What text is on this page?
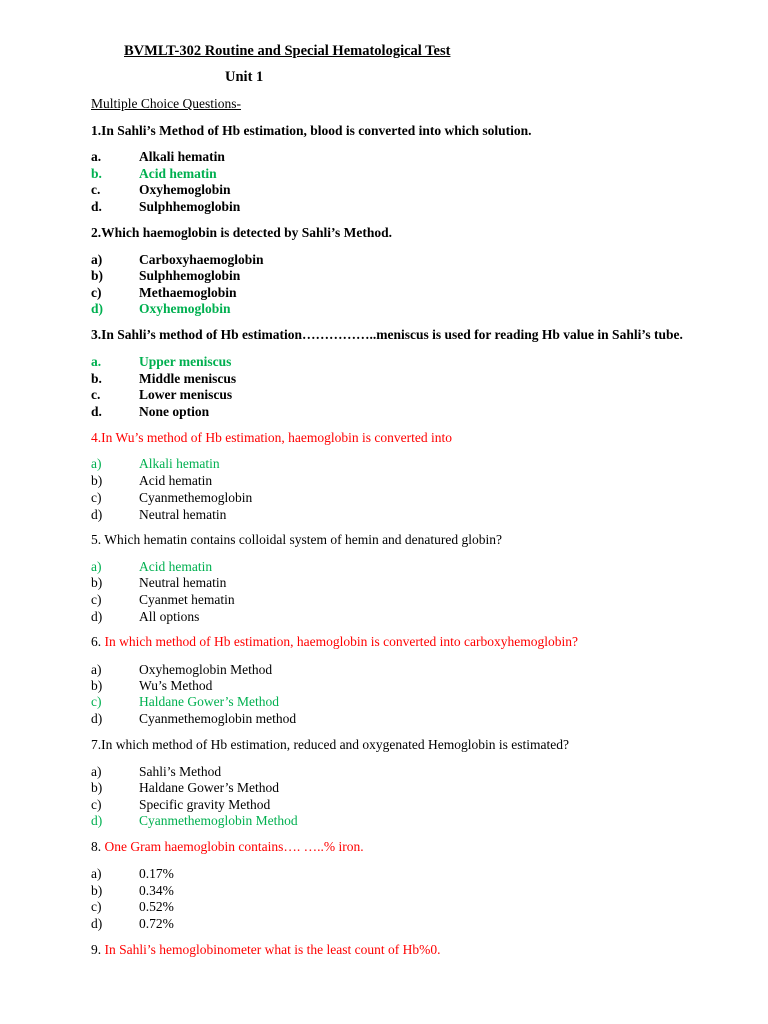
BVMLT-302 Routine and Special Hematological Test
Unit 1
Multiple Choice Questions-
1.In Sahli’s Method of Hb estimation, blood is converted into which solution.
a.	Alkali hematin
b.	Acid hematin
c.	Oxyhemoglobin
d.	Sulphhemoglobin
2.Which haemoglobin is detected by Sahli’s Method.
a)	Carboxyhaemoglobin
b)	Sulphhemoglobin
c)	Methaemoglobin
d)	Oxyhemoglobin
3.In Sahli’s method of Hb estimation……………..meniscus is used for reading Hb value in Sahli’s tube.
a.	Upper meniscus
b.	Middle meniscus
c.	Lower meniscus
d.	None option
4.In Wu’s method of Hb estimation, haemoglobin is converted into
a)	Alkali hematin
b)	Acid hematin
c)	Cyanmethemoglobin
d)	Neutral hematin
5. Which hematin contains colloidal system of hemin and denatured globin?
a)	Acid hematin
b)	Neutral hematin
c)	Cyanmet hematin
d)	All options
6. In which method of Hb estimation, haemoglobin is converted into carboxyhemoglobin?
a)	Oxyhemoglobin Method
b)	Wu’s Method
c)	Haldane Gower’s Method
d)	Cyanmethemoglobin method
7.In which method of Hb estimation, reduced and oxygenated Hemoglobin is estimated?
a)	Sahli’s Method
b)	Haldane Gower’s Method
c)	Specific gravity Method
d)	Cyanmethemoglobin Method
8. One Gram haemoglobin contains…. …..% iron.
a)	0.17%
b)	0.34%
c)	0.52%
d)	0.72%
9. In Sahli’s hemoglobinometer what is the least count of Hb%0.
